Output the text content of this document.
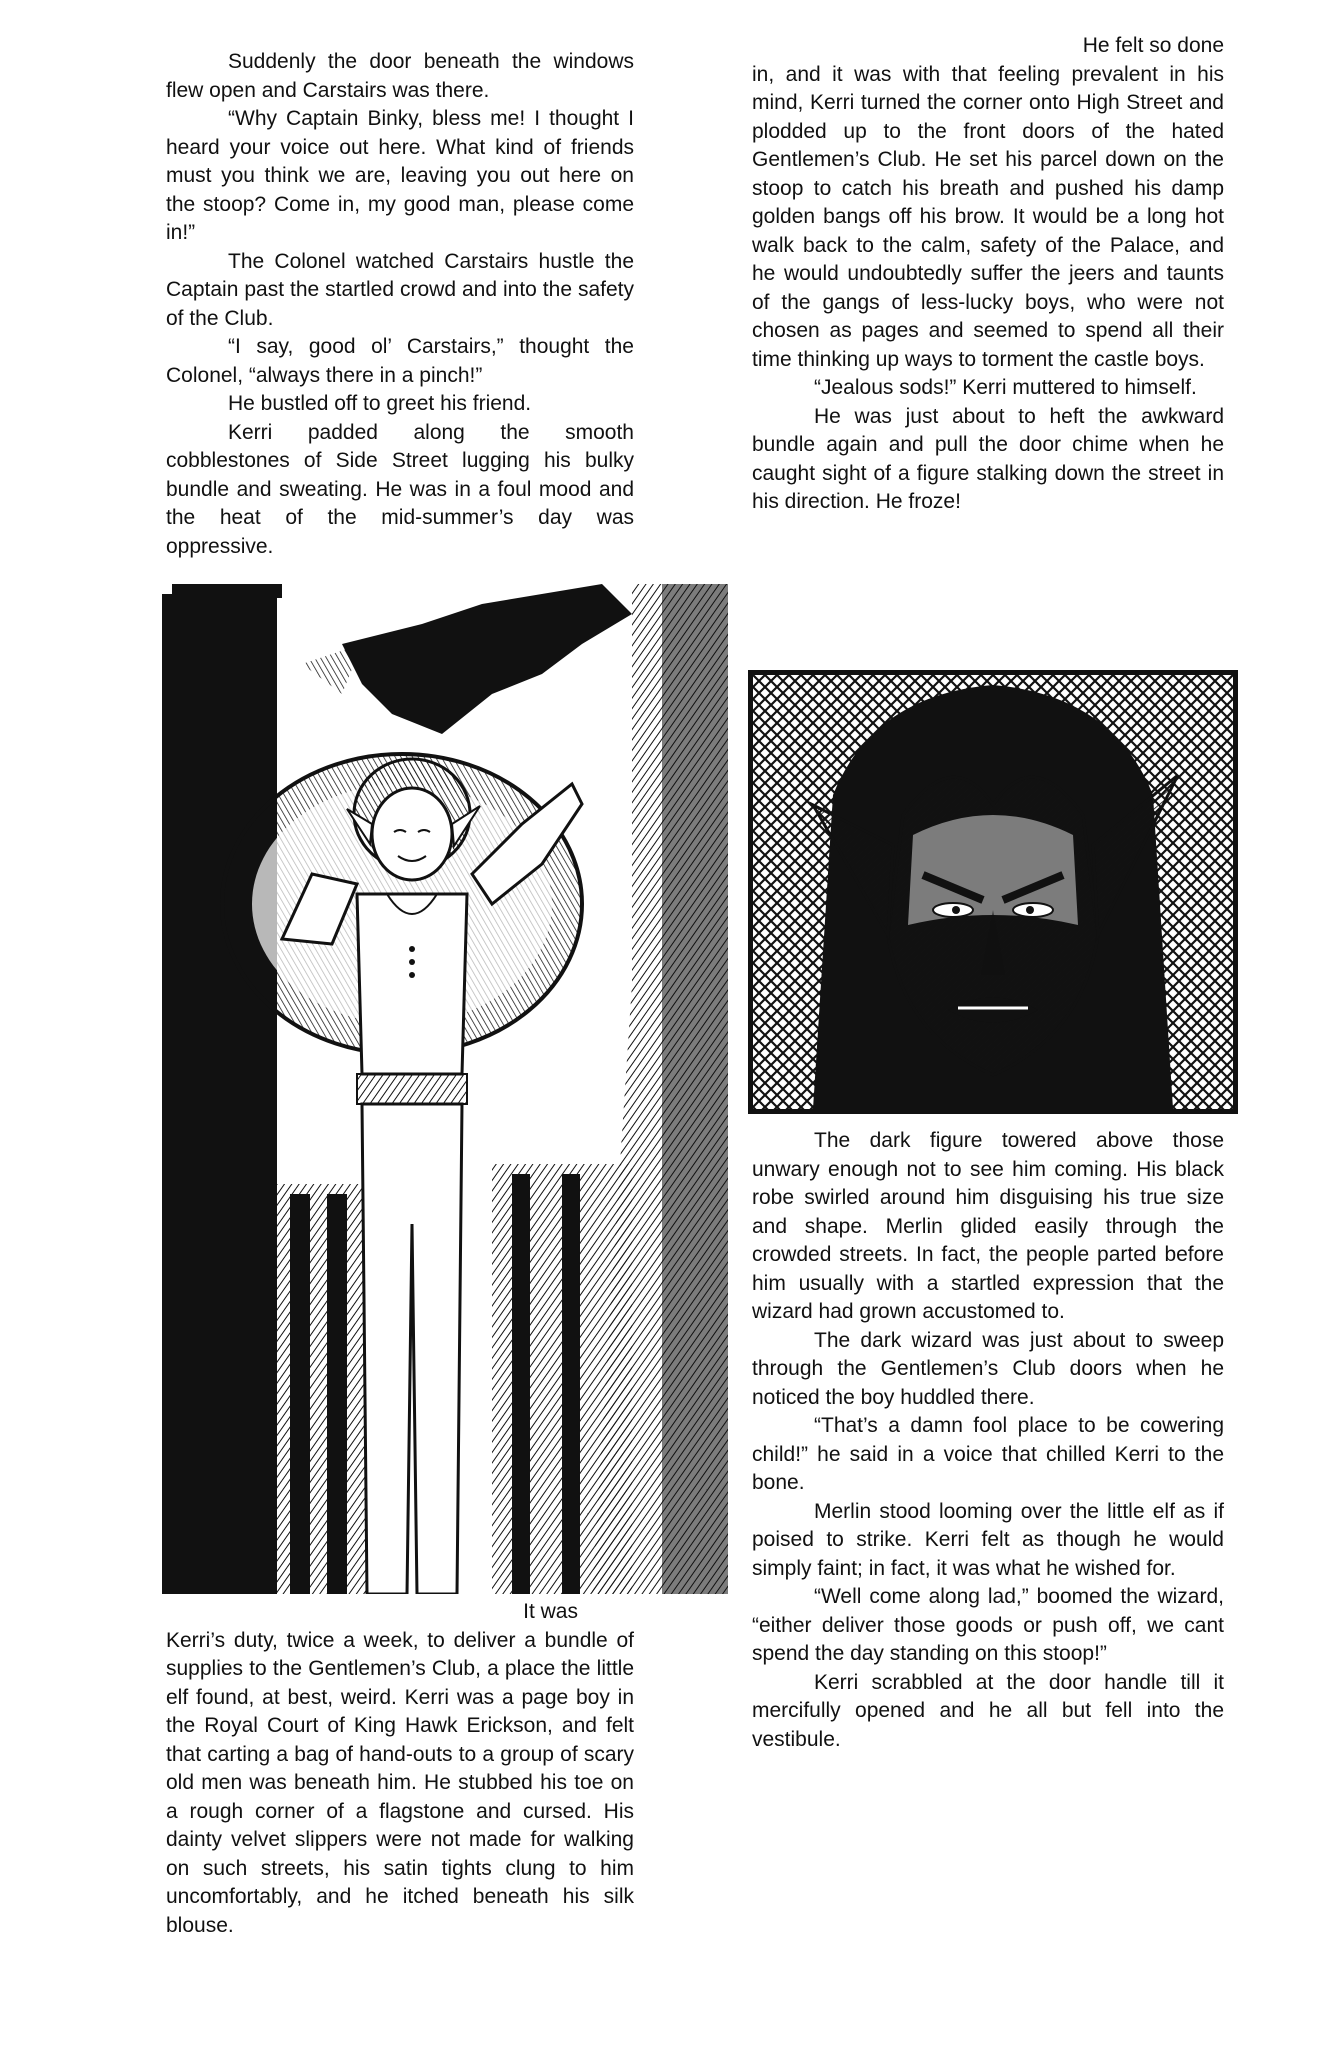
Suddenly the door beneath the windows flew open and Carstairs was there.

“Why Captain Binky, bless me! I thought I heard your voice out here. What kind of friends must you think we are, leaving you out here on the stoop? Come in, my good man, please come in!”

The Colonel watched Carstairs hustle the Captain past the startled crowd and into the safety of the Club.

“I say, good ol’ Carstairs,” thought the Colonel, “always there in a pinch!”

He bustled off to greet his friend.

Kerri padded along the smooth cobblestones of Side Street lugging his bulky bundle and sweating. He was in a foul mood and the heat of the mid-summer’s day was oppressive.

It was

Kerri’s duty, twice a week, to deliver a bundle of supplies to the Gentlemen’s Club, a place the little elf found, at best, weird. Kerri was a page boy in the Royal Court of King Hawk Erickson, and felt that carting a bag of hand-outs to a group of scary old men was beneath him. He stubbed his toe on a rough corner of a flagstone and cursed. His dainty velvet slippers were not made for walking on such streets, his satin tights clung to him uncomfortably, and he itched beneath his silk blouse.

He felt so done

in, and it was with that feeling prevalent in his mind, Kerri turned the corner onto High Street and plodded up to the front doors of the hated Gentlemen’s Club. He set his parcel down on the stoop to catch his breath and pushed his damp golden bangs off his brow. It would be a long hot walk back to the calm, safety of the Palace, and he would undoubtedly suffer the jeers and taunts of the gangs of less-lucky boys, who were not chosen as pages and seemed to spend all their time thinking up ways to torment the castle boys.

“Jealous sods!” Kerri muttered to himself.

He was just about to heft the awkward bundle again and pull the door chime when he caught sight of a figure stalking down the street in his direction. He froze!

The dark figure towered above those unwary enough not to see him coming. His black robe swirled around him disguising his true size and shape. Merlin glided easily through the crowded streets. In fact, the people parted before him usually with a startled expression that the wizard had grown accustomed to.

The dark wizard was just about to sweep through the Gentlemen’s Club doors when he noticed the boy huddled there.

“That’s a damn fool place to be cowering child!” he said in a voice that chilled Kerri to the bone.

Merlin stood looming over the little elf as if poised to strike. Kerri felt as though he would simply faint; in fact, it was what he wished for.

“Well come along lad,” boomed the wizard, “either deliver those goods or push off, we cant spend the day standing on this stoop!”

Kerri scrabbled at the door handle till it mercifully opened and he all but fell into the vestibule.
